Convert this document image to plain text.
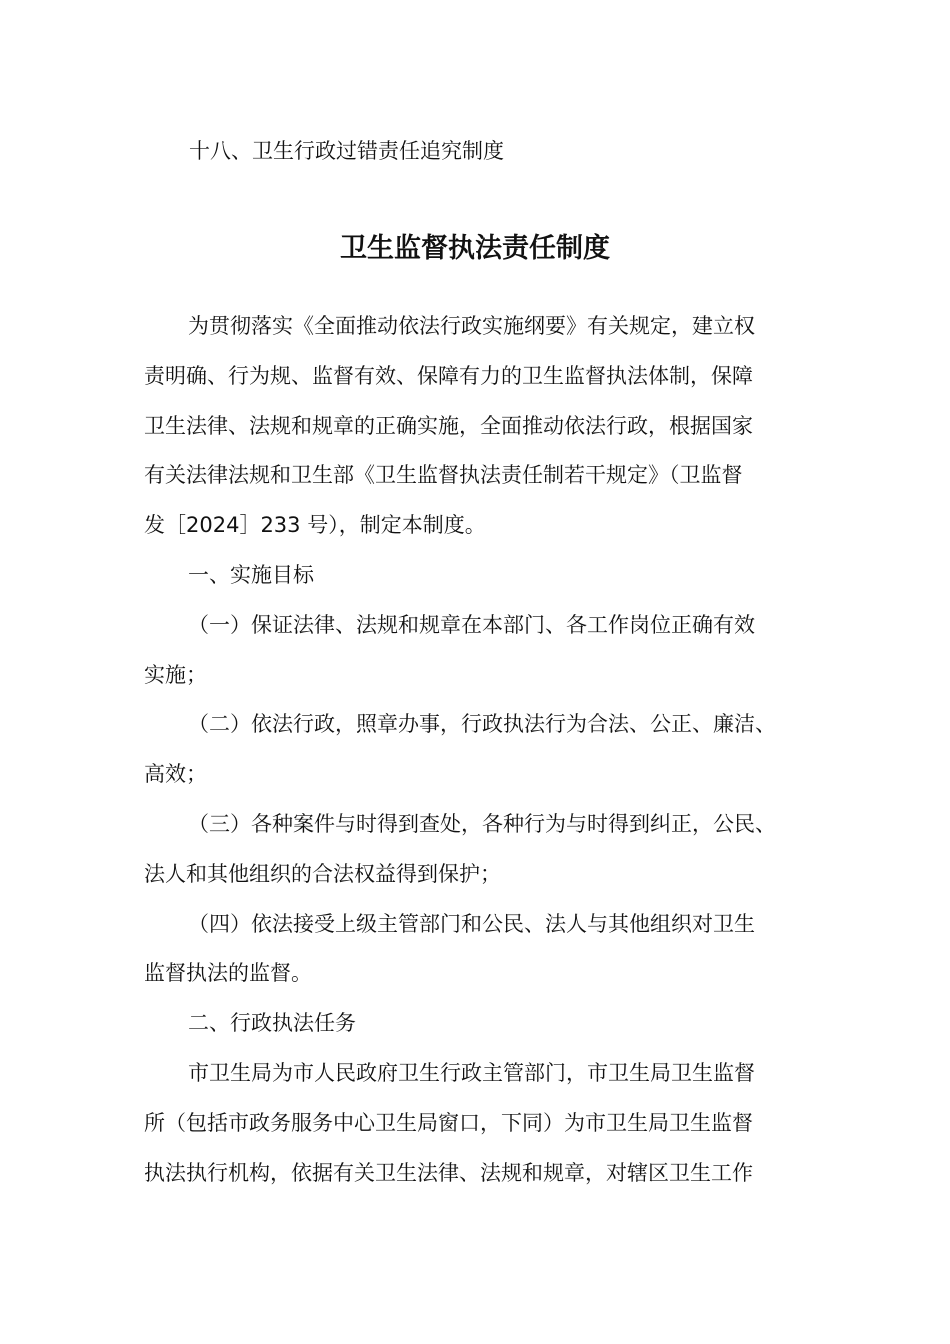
十八、卫生行政过错责任追究制度
卫生监督执法责任制度
为贯彻落实《全面推动依法行政实施纲要》有关规定，建立权
责明确、行为规、监督有效、保障有力的卫生监督执法体制，保障
卫生法律、法规和规章的正确实施，全面推动依法行政，根据国家
有关法律法规和卫生部《卫生监督执法责任制若干规定》（卫监督
发［2024］233 号），制定本制度。
一、实施目标
（一）保证法律、法规和规章在本部门、各工作岗位正确有效
实施；
（二）依法行政，照章办事，行政执法行为合法、公正、廉洁、
高效；
（三）各种案件与时得到查处，各种行为与时得到纠正，公民、
法人和其他组织的合法权益得到保护；
（四）依法接受上级主管部门和公民、法人与其他组织对卫生
监督执法的监督。
二、行政执法任务
市卫生局为市人民政府卫生行政主管部门，市卫生局卫生监督
所（包括市政务服务中心卫生局窗口，下同）为市卫生局卫生监督
执法执行机构，依据有关卫生法律、法规和规章，对辖区卫生工作
